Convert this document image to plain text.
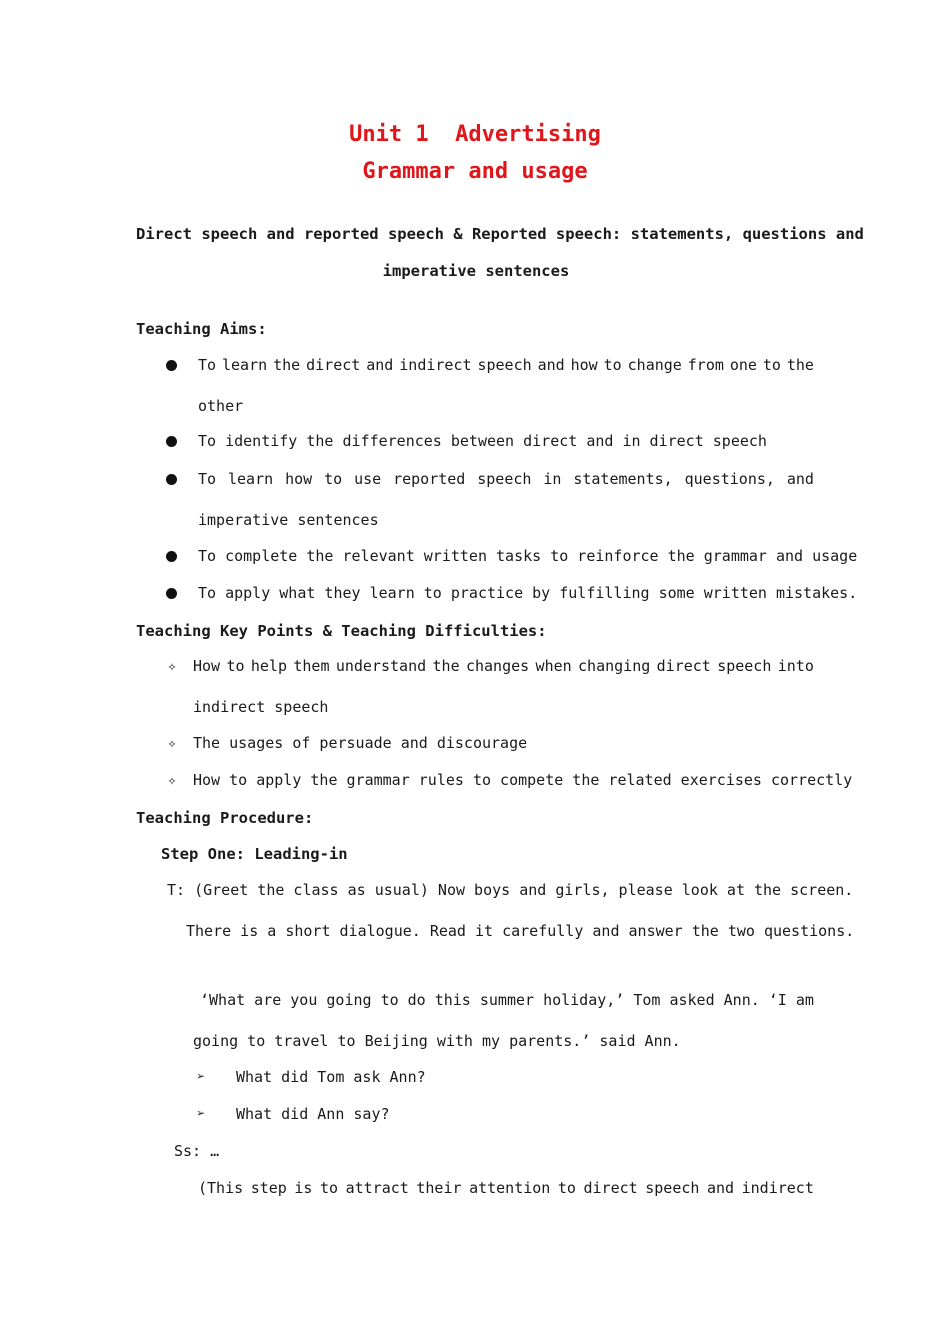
Unit 1  Advertising
Grammar and usage
Direct speech and reported speech & Reported speech: statements, questions and
imperative sentences
Teaching Aims:
To learn the direct and indirect speech and how to change from one to the
other
To identify the differences between direct and in direct speech
To learn how to use reported speech in statements, questions, and
imperative sentences
To complete the relevant written tasks to reinforce the grammar and usage
To apply what they learn to practice by fulfilling some written mistakes.
Teaching Key Points & Teaching Difficulties:
✧ How to help them understand the changes when changing direct speech into
indirect speech
✧ The usages of persuade and discourage
✧ How to apply the grammar rules to compete the related exercises correctly
Teaching Procedure:
Step One: Leading-in
T: (Greet the class as usual) Now boys and girls, please look at the screen.
There is a short dialogue. Read it carefully and answer the two questions.
‘What are you going to do this summer holiday,’ Tom asked Ann. ‘I am
going to travel to Beijing with my parents.’ said Ann.
➢ What did Tom ask Ann?
➢ What did Ann say?
Ss: …
(This step is to attract their attention to direct speech and indirect
